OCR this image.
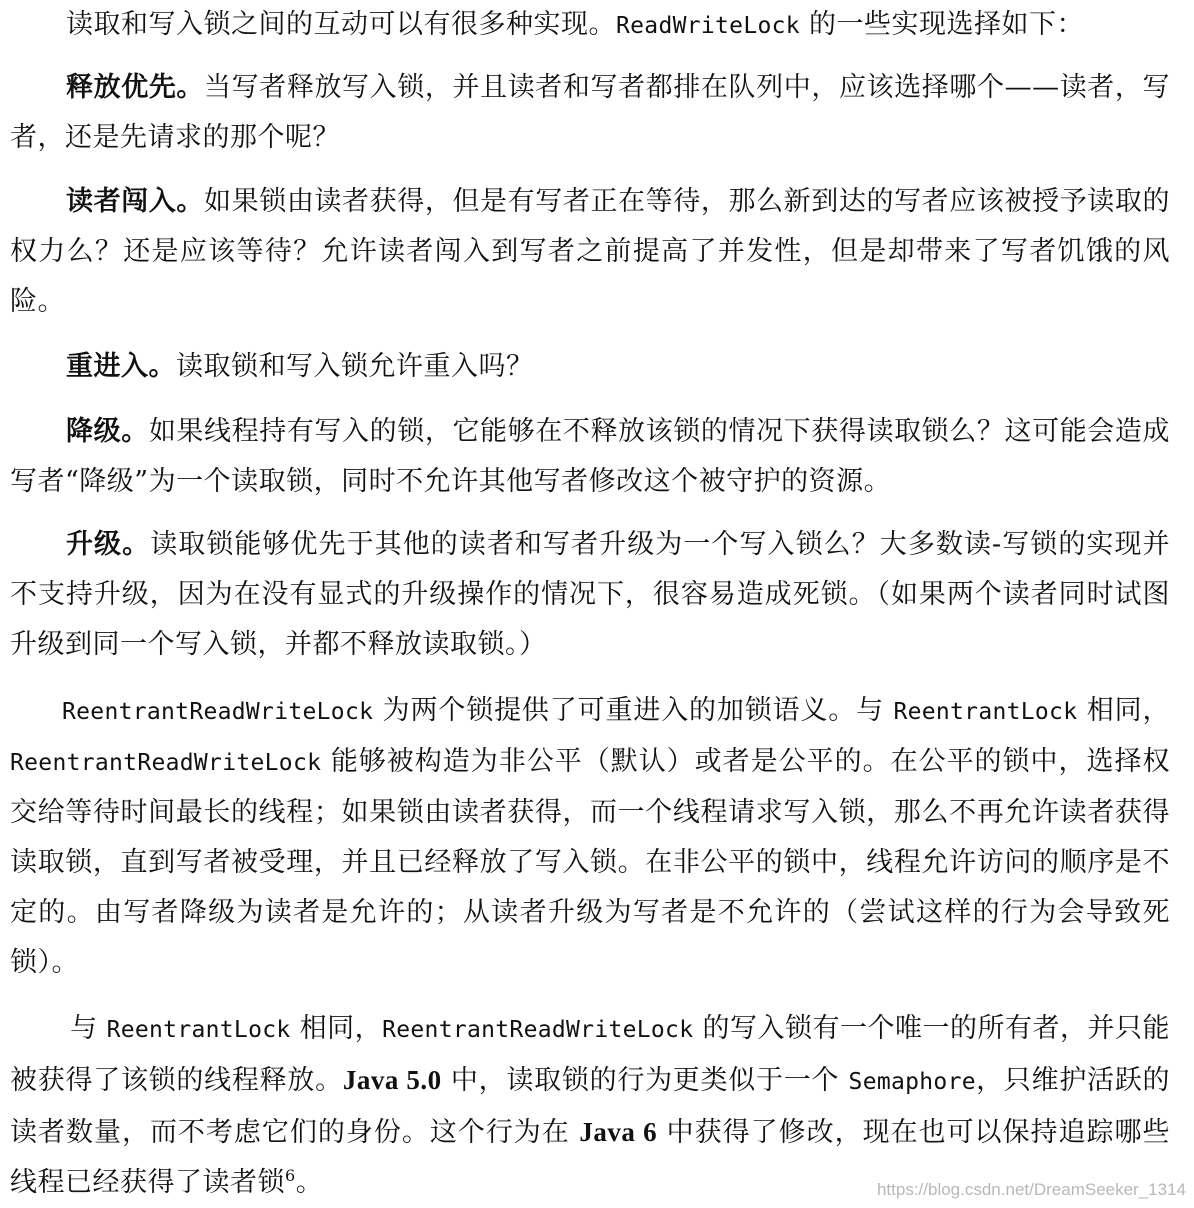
读取和写入锁之间的互动可以有很多种实现。ReadWriteLock 的一些实现选择如下：

释放优先。当写者释放写入锁，并且读者和写者都排在队列中，应该选择哪个——读者，写者，还是先请求的那个呢？

读者闯入。如果锁由读者获得，但是有写者正在等待，那么新到达的写者应该被授予读取的权力么？还是应该等待？允许读者闯入到写者之前提高了并发性，但是却带来了写者饥饿的风险。

重进入。读取锁和写入锁允许重入吗？

降级。如果线程持有写入的锁，它能够在不释放该锁的情况下获得读取锁么？这可能会造成写者“降级”为一个读取锁，同时不允许其他写者修改这个被守护的资源。

升级。读取锁能够优先于其他的读者和写者升级为一个写入锁么？大多数读-写锁的实现并不支持升级，因为在没有显式的升级操作的情况下，很容易造成死锁。（如果两个读者同时试图升级到同一个写入锁，并都不释放读取锁。）

ReentrantReadWriteLock 为两个锁提供了可重进入的加锁语义。与 ReentrantLock 相同，ReentrantReadWriteLock 能够被构造为非公平（默认）或者是公平的。在公平的锁中，选择权交给等待时间最长的线程；如果锁由读者获得，而一个线程请求写入锁，那么不再允许读者获得读取锁，直到写者被受理，并且已经释放了写入锁。在非公平的锁中，线程允许访问的顺序是不定的。由写者降级为读者是允许的；从读者升级为写者是不允许的（尝试这样的行为会导致死锁）。

与 ReentrantLock 相同，ReentrantReadWriteLock 的写入锁有一个唯一的所有者，并只能被获得了该锁的线程释放。Java 5.0 中，读取锁的行为更类似于一个 Semaphore，只维护活跃的读者数量，而不考虑它们的身份。这个行为在 Java 6 中获得了修改，现在也可以保持追踪哪些线程已经获得了读者锁$^6$。	https://blog.csdn.net/DreamSeeker_1314
